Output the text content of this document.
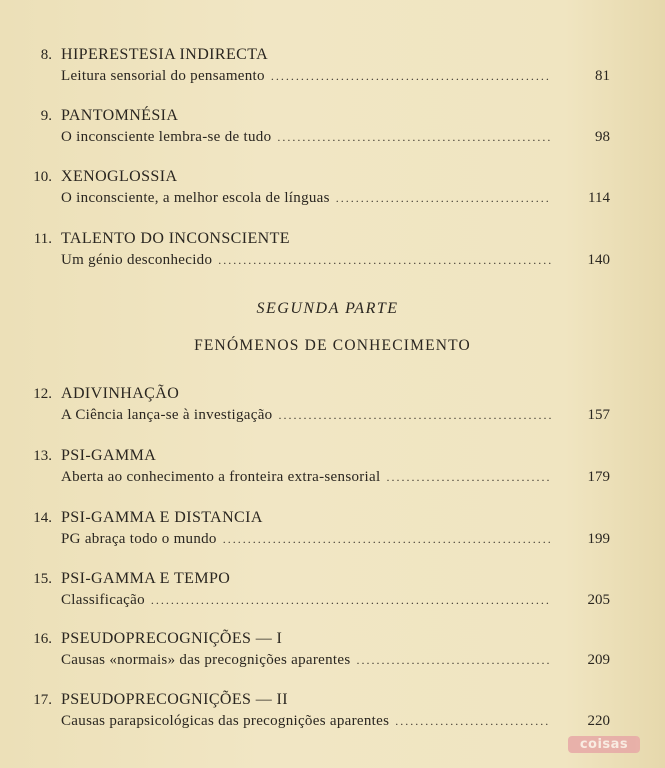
8. HIPERESTESIA INDIRECTA
Leitura sensorial do pensamento .....	81
9. PANTOMNÉSIA
O inconsciente lembra-se de tudo .....	98
10. XENOGLOSSIA
O inconsciente, a melhor escola de línguas .....	114
11. TALENTO DO INCONSCIENTE
Um génio desconhecido .....	140
SEGUNDA PARTE
FENÓMENOS DE CONHECIMENTO
12. ADIVINHAÇÃO
A Ciência lança-se à investigação .....	157
13. PSI-GAMMA
Aberta ao conhecimento a fronteira extra-sensorial .....	179
14. PSI-GAMMA E DISTANCIA
PG abraça todo o mundo .....	199
15. PSI-GAMMA E TEMPO
Classificação .....	205
16. PSEUDOPRECOGNIÇÕES — I
Causas «normais» das precognições aparentes .....	209
17. PSEUDOPRECOGNIÇÕES — II
Causas parapsicológicas das precognições aparentes .....	220
coisas
